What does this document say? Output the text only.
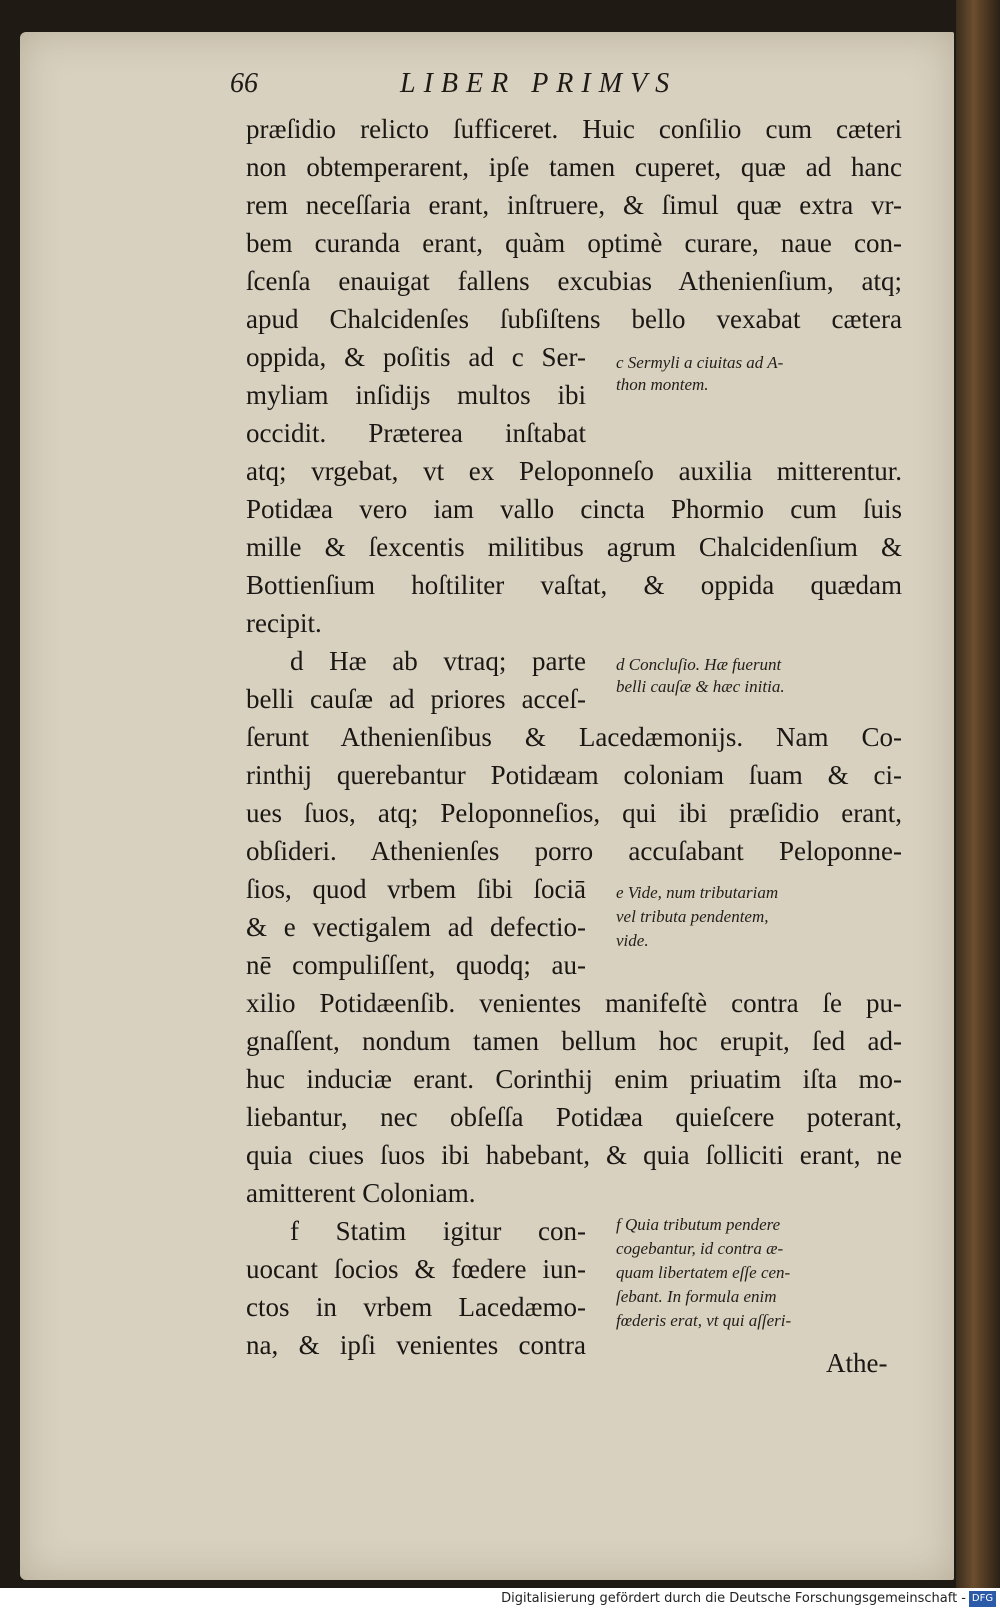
66	LIBER PRIMVS
præſidio relicto ſufficeret. Huic conſilio cum cæteri
non obtemperarent, ipſe tamen cuperet, quæ ad hanc
rem neceſſaria erant, inſtruere, & ſimul quæ extra vr-
bem curanda erant, quàm optimè curare, naue con-
ſcenſa enauigat fallens excubias Athenienſium, atq;
apud Chalcidenſes ſubſiſtens bello vexabat cætera
oppida, & poſitis ad c Ser-
myliam inſidijs multos ibi
occidit. Præterea inſtabat
atq; vrgebat, vt ex Peloponneſo auxilia mitterentur.
Potidæa vero iam vallo cincta Phormio cum ſuis
mille & ſexcentis militibus agrum Chalcidenſium &
Bottienſium hoſtiliter vaſtat, & oppida quædam
recipit.
d Hæ ab vtraq; parte
belli cauſæ ad priores acceſ-
ſerunt Athenienſibus & Lacedæmonijs. Nam Co-
rinthij querebantur Potidæam coloniam ſuam & ci-
ues ſuos, atq; Peloponneſios, qui ibi præſidio erant,
obſideri. Athenienſes porro accuſabant Peloponne-
ſios, quod vrbem ſibi ſociā
& e vectigalem ad defectio-
nē compuliſſent, quodq; au-
xilio Potidæenſib. venientes manifeſtè contra ſe pu-
gnaſſent, nondum tamen bellum hoc erupit, ſed ad-
huc induciæ erant. Corinthij enim priuatim iſta mo-
liebantur, nec obſeſſa Potidæa quieſcere poterant,
quia ciues ſuos ibi habebant, & quia ſolliciti erant, ne
amitterent Coloniam.
f Statim igitur con-
uocant ſocios & fœdere iun-
ctos in vrbem Lacedæmo-
na, & ipſi venientes contra
c Sermyli a ciuitas ad A-
thon montem.
d Concluſio. Hæ fuerunt
belli cauſæ & hæc initia.
e Vide, num tributariam
vel tributa pendentem,
vide.
f Quia tributum pendere
cogebantur, id contra æ-
quam libertatem eſſe cen-
ſebant. In formula enim
fœderis erat, vt qui aſſeri-
Athe-
Digitalisierung gefördert durch die Deutsche Forschungsgemeinschaft - DFG
